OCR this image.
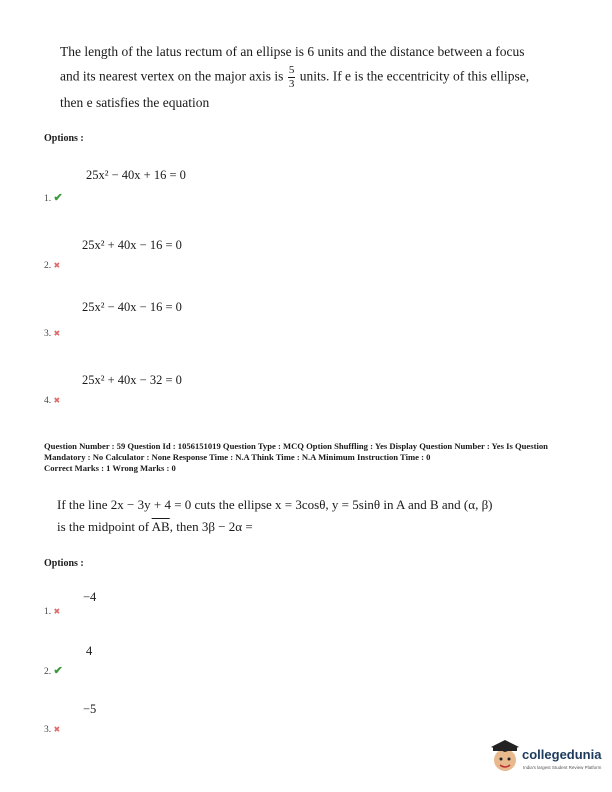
The length of the latus rectum of an ellipse is 6 units and the distance between a focus
and its nearest vertex on the major axis is $\frac{5}{3}$ units. If e is the eccentricity of this ellipse,
then e satisfies the equation
Options :
25x² − 40x + 16 = 0
1. ✔
25x² + 40x − 16 = 0
2. ✖
25x² − 40x − 16 = 0
3. ✖
25x² + 40x − 32 = 0
4. ✖
Question Number : 59 Question Id : 1056151019 Question Type : MCQ Option Shuffling : Yes Display Question Number : Yes Is Question Mandatory : No Calculator : None Response Time : N.A Think Time : N.A Minimum Instruction Time : 0
Correct Marks : 1 Wrong Marks : 0
If the line 2x − 3y + 4 = 0 cuts the ellipse x = 3cosθ, y = 5sinθ in A and B and (α, β)
is the midpoint of $\overline{AB}$, then 3β − 2α =
Options :
−4
1. ✖
4
2. ✔
−5
3. ✖
collegedunia
India's largest Student Review Platform
